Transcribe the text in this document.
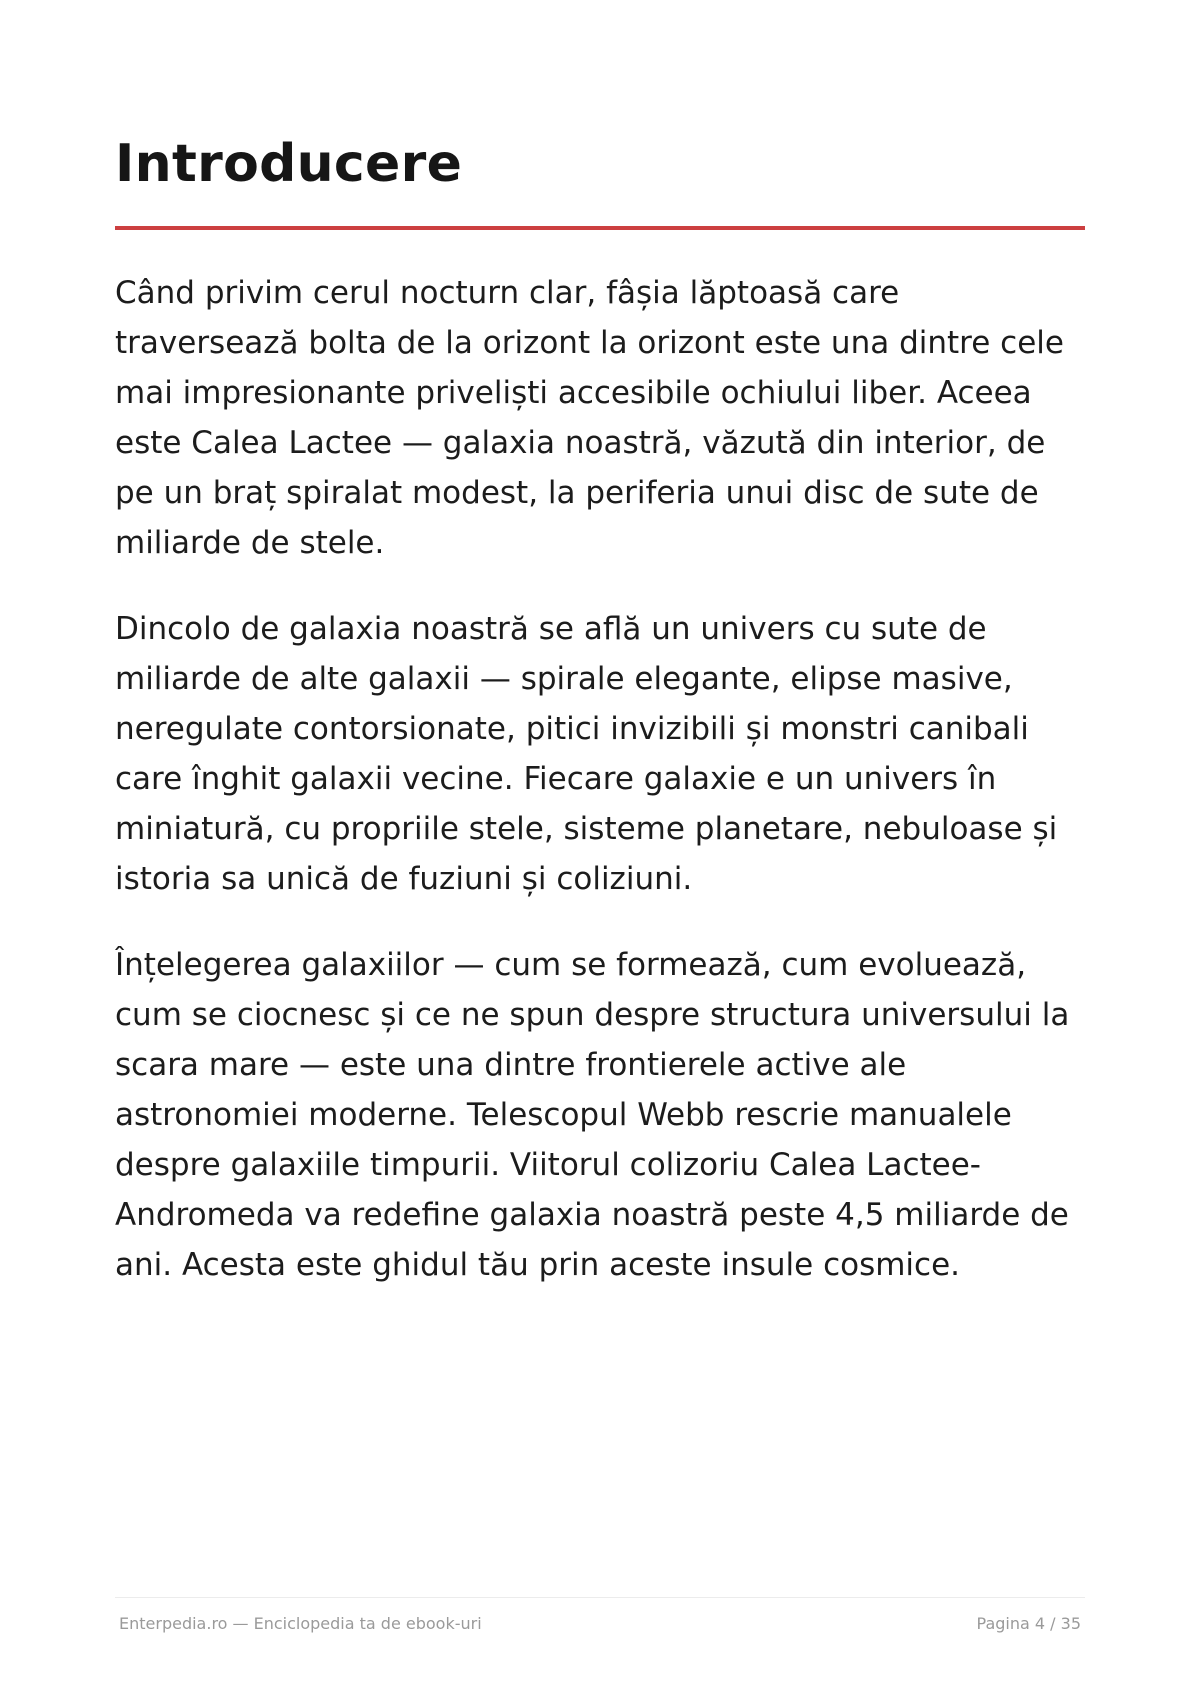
Introducere

Când privim cerul nocturn clar, fâșia lăptoasă care traversează bolta de la orizont la orizont este una dintre cele mai impresionante priveliști accesibile ochiului liber. Aceea este Calea Lactee — galaxia noastră, văzută din interior, de pe un braț spiralat modest, la periferia unui disc de sute de miliarde de stele.

Dincolo de galaxia noastră se află un univers cu sute de miliarde de alte galaxii — spirale elegante, elipse masive, neregulate contorsionate, pitici invizibili și monstri canibali care înghit galaxii vecine. Fiecare galaxie e un univers în miniatură, cu propriile stele, sisteme planetare, nebuloase și istoria sa unică de fuziuni și coliziuni.

Înțelegerea galaxiilor — cum se formează, cum evoluează, cum se ciocnesc și ce ne spun despre structura universului la scara mare — este una dintre frontierele active ale astronomiei moderne. Telescopul Webb rescrie manualele despre galaxiile timpurii. Viitorul colizoriu Calea Lactee-Andromeda va redefine galaxia noastră peste 4,5 miliarde de ani. Acesta este ghidul tău prin aceste insule cosmice.

Enterpedia.ro — Enciclopedia ta de ebook-uri	Pagina 4 / 35
